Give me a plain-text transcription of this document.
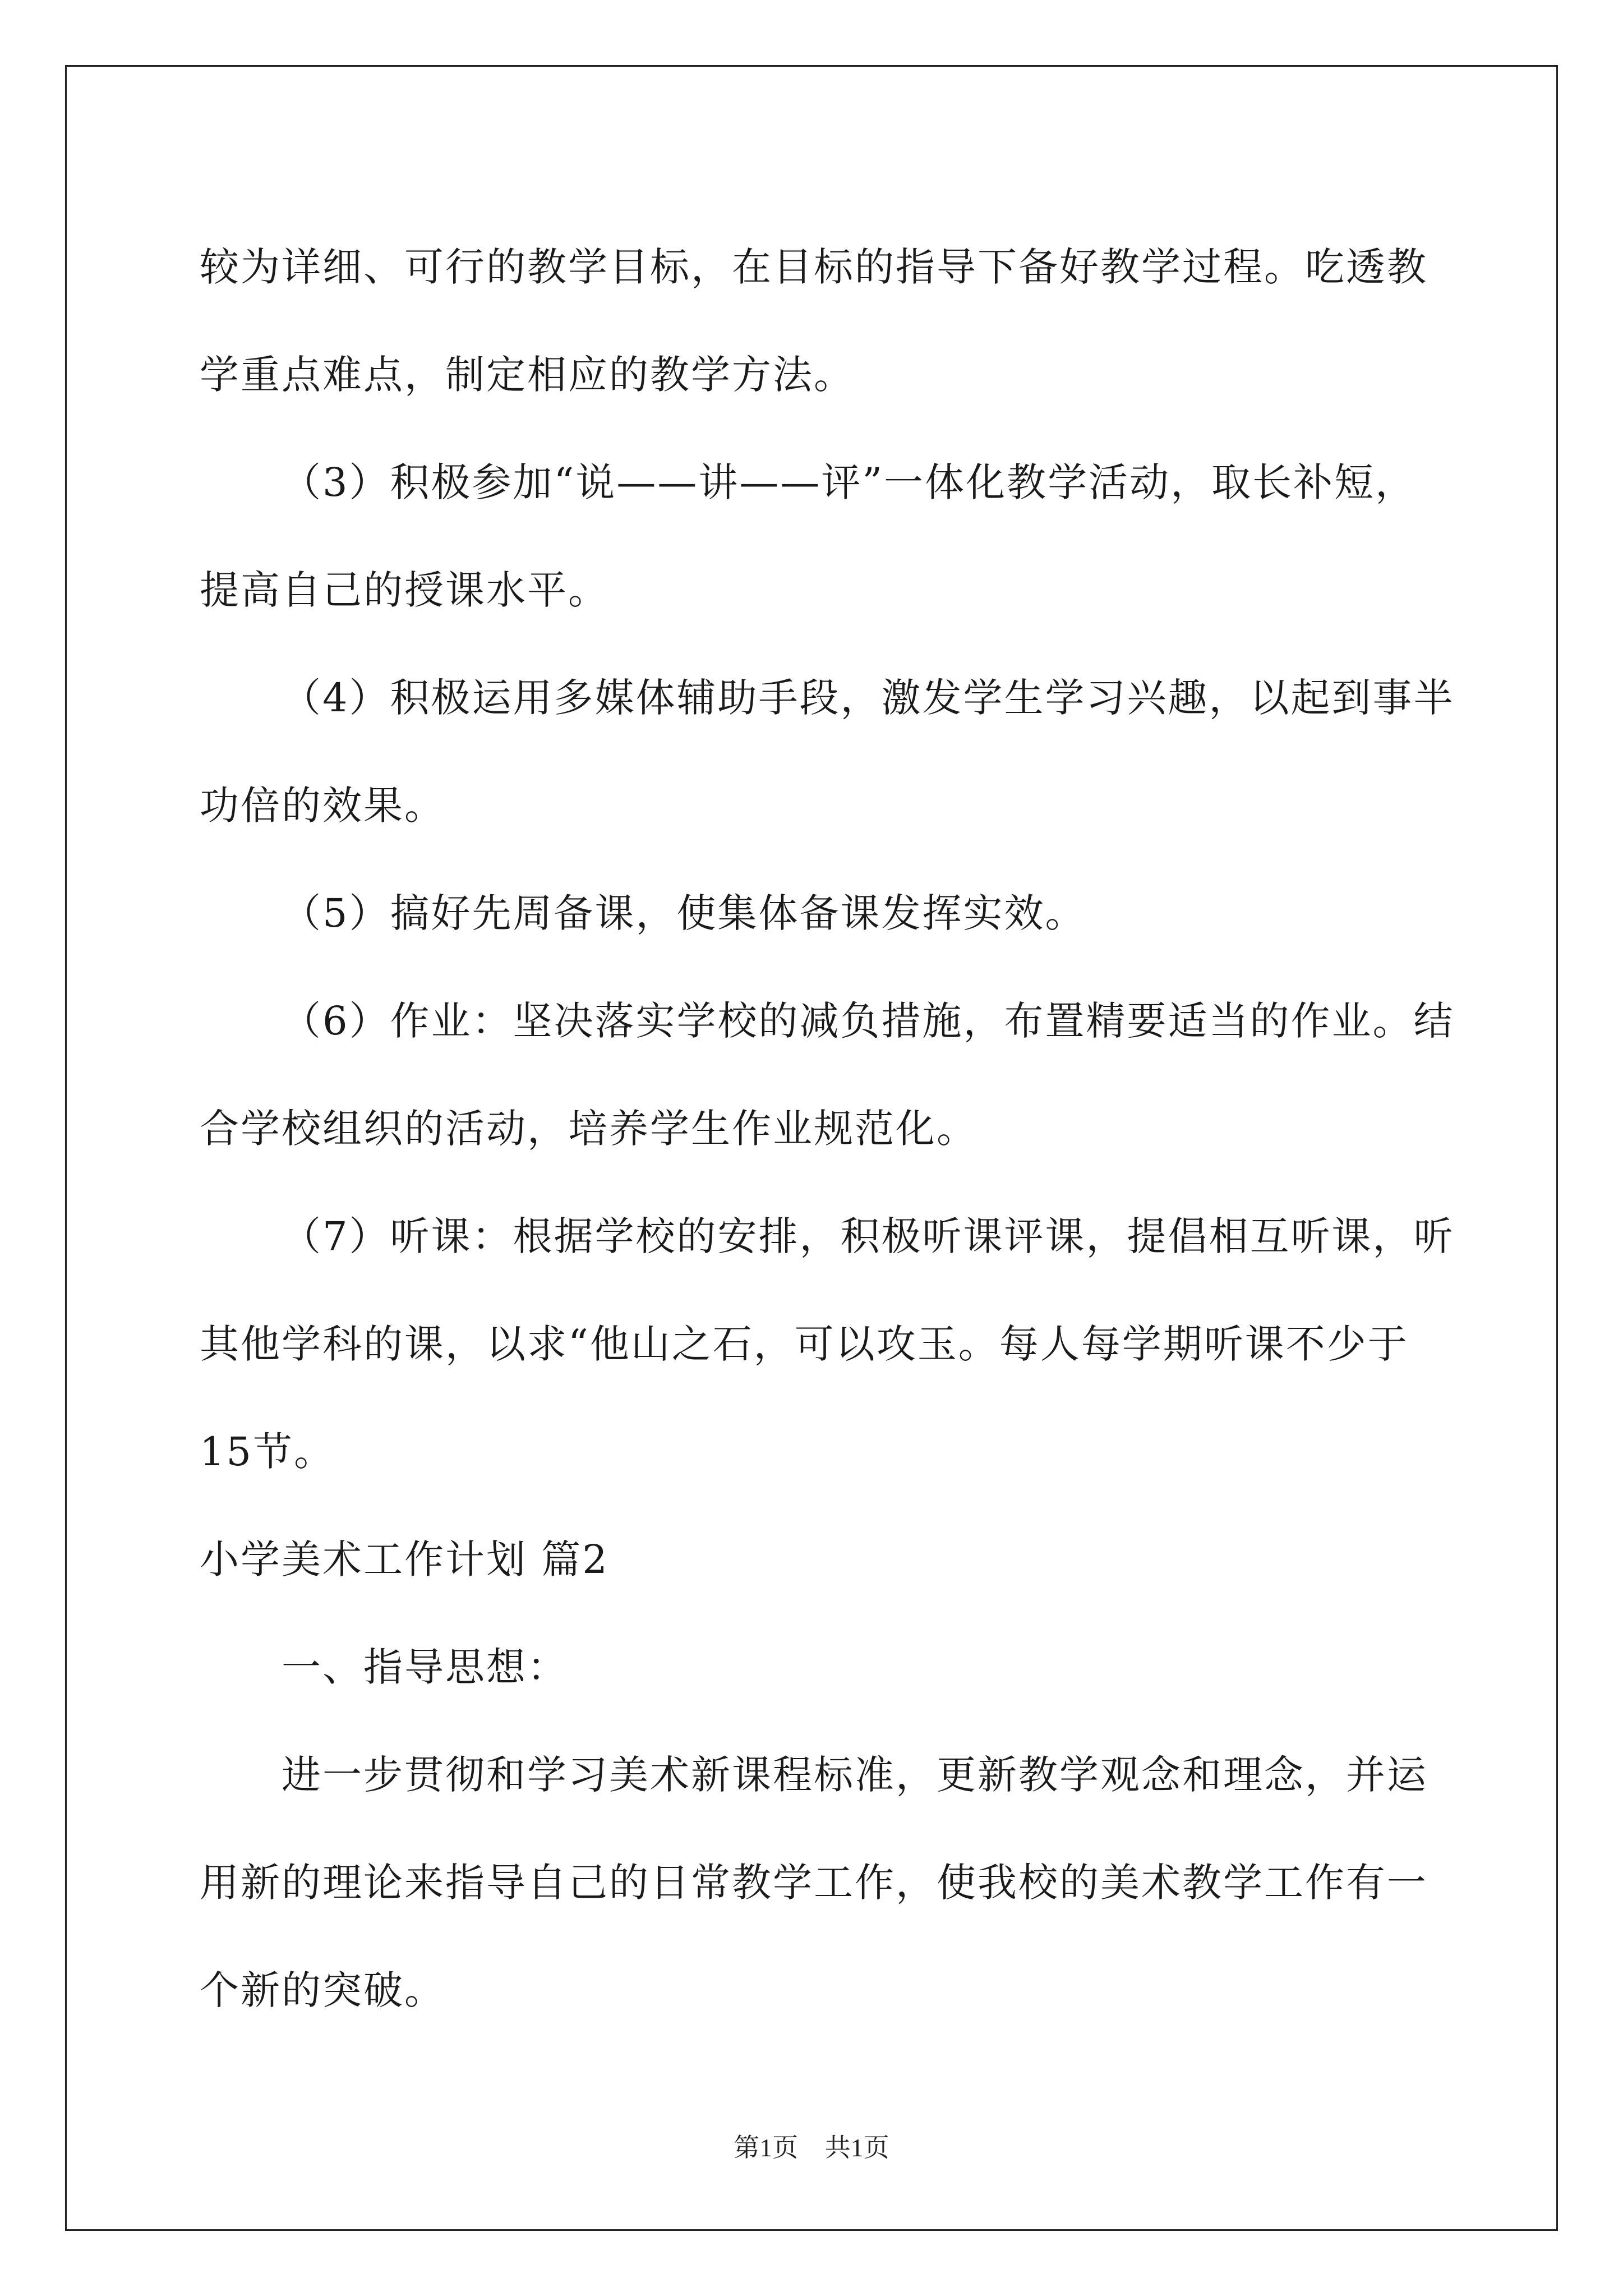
较为详细、可行的教学目标，在目标的指导下备好教学过程。吃透教学重点难点，制定相应的教学方法。

（3）积极参加“说——讲——评”一体化教学活动，取长补短，提高自己的授课水平。

（4）积极运用多媒体辅助手段，激发学生学习兴趣，以起到事半功倍的效果。

（5）搞好先周备课，使集体备课发挥实效。

（6）作业：坚决落实学校的减负措施，布置精要适当的作业。结合学校组织的活动，培养学生作业规范化。

（7）听课：根据学校的安排，积极听课评课，提倡相互听课，听其他学科的课，以求“他山之石，可以攻玉。每人每学期听课不少于15节。

小学美术工作计划 篇2

一、指导思想：

进一步贯彻和学习美术新课程标准，更新教学观念和理念，并运用新的理论来指导自己的日常教学工作，使我校的美术教学工作有一个新的突破。

第1页 共1页
